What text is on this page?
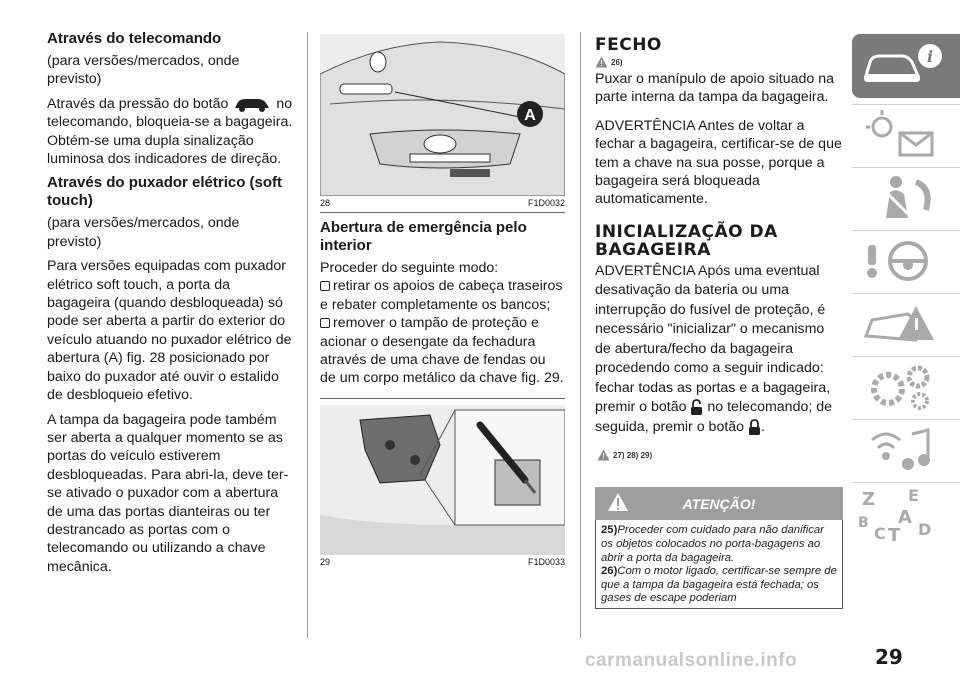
Através do telecomando

(para versões/mercados, onde previsto)

Através da pressão do botão	no telecomando, bloqueia-se a bagageira. Obtém-se uma dupla sinalização luminosa dos indicadores de direção.

Através do puxador elétrico (soft touch)

(para versões/mercados, onde previsto)

Para versões equipadas com puxador elétrico soft touch, a porta da bagageira (quando desbloqueada) só pode ser aberta a partir do exterior do veículo atuando no puxador elétrico de abertura (A) fig. 28 posicionado por baixo do puxador até ouvir o estalido de desbloqueio efetivo.

A tampa da bagageira pode também ser aberta a qualquer momento se as portas do veículo estiverem desbloqueadas. Para abri-la, deve ter-se ativado o puxador com a abertura de uma das portas dianteiras ou ter destrancado as portas com o telecomando ou utilizando a chave mecânica.

A
28	F1D0032
Abertura de emergência pelo interior

Proceder do seguinte modo:

retirar os apoios de cabeça traseiros e rebater completamente os bancos;

remover o tampão de proteção e acionar o desengate da fechadura através de uma chave de fendas ou de um corpo metálico da chave fig. 29.

29	F1D0033
FECHO
26)

Puxar o manípulo de apoio situado na parte interna da tampa da bagageira.

ADVERTÊNCIA Antes de voltar a fechar a bagageira, certificar-se de que tem a chave na sua posse, porque a bagageira será bloqueada automaticamente.

INICIALIZAÇÃO DA BAGAGEIRA

ADVERTÊNCIA Após uma eventual desativação da bateria ou uma interrupção do fusível de proteção, é necessário "inicializar" o mecanismo de abertura/fecho da bagageira procedendo como a seguir indicado: fechar todas as portas e a bagageira, premir o botão no telecomando; de seguida, premir o botão .

27) 28) 29)
ATENÇÃO!
25)Proceder com cuidado para não danificar os objetos colocados no porta-bagagens ao abrir a porta da bagageira.
26)Com o motor ligado, certificar-se sempre de que a tampa da bagageira está fechada; os gases de escape poderiam
i
Z E
B A
C T D
carmanualsonline.info	29
